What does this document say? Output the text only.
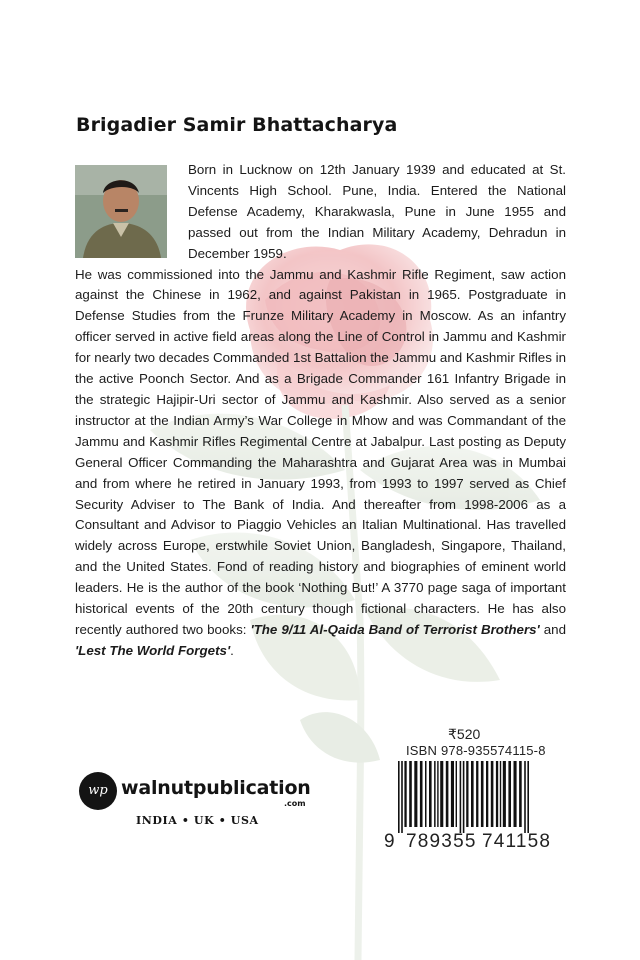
Brigadier Samir Bhattacharya

Born in Lucknow on 12th January 1939 and educated at St. Vincents High School. Pune, India. Entered the National Defense Academy, Kharakwasla, Pune in June 1955 and passed out from the Indian Military Academy, Dehradun in December 1959.

He was commissioned into the Jammu and Kashmir Rifle Regiment, saw action against the Chinese in 1962, and against Pakistan in 1965. Postgraduate in Defense Studies from the Frunze Military Academy in Moscow. As an infantry officer served in active field areas along the Line of Control in Jammu and Kashmir for nearly two decades Commanded 1st Battalion the Jammu and Kashmir Rifles in the active Poonch Sector. And as a Brigade Commander 161 Infantry Brigade in the strategic Hajipir-Uri sector of Jammu and Kashmir. Also served as a senior instructor at the Indian Army’s War College in Mhow and was Commandant of the Jammu and Kashmir Rifles Regimental Centre at Jabalpur. Last posting as Deputy General Officer Commanding the Maharashtra and Gujarat Area was in Mumbai and from where he retired in January 1993, from 1993 to 1997 served as Chief Security Adviser to The Bank of India. And thereafter from 1998-2006 as a Consultant and Advisor to Piaggio Vehicles an Italian Multinational. Has travelled widely across Europe, erstwhile Soviet Union, Bangladesh, Singapore, Thailand, and the United States. Fond of reading history and biographies of eminent world leaders. He is the author of the book ‘Nothing But!’ A 3770 page saga of important historical events of the 20th century though fictional characters. He has also recently authored two books: 'The 9/11 Al-Qaida Band of Terrorist Brothers' and 'Lest The World Forgets'.

₹520
ISBN 978-935574115-8
9 789355 741158
wp walnutpublication
.com
INDIA • UK • USA
